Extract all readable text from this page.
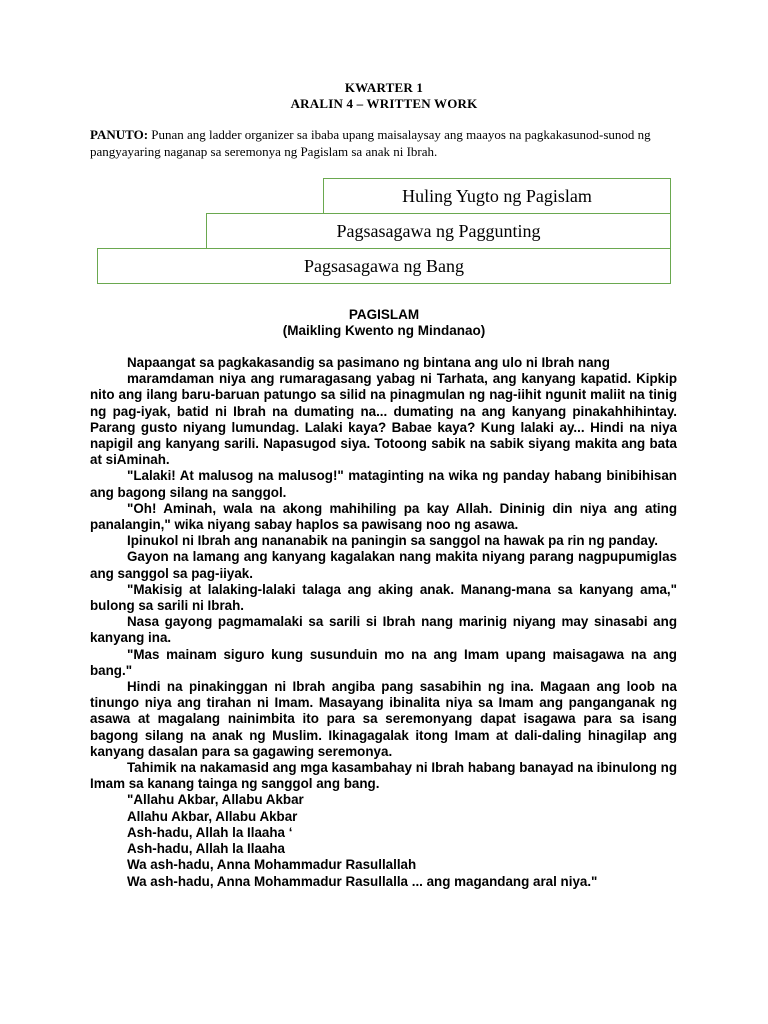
KWARTER 1
ARALIN 4 – WRITTEN WORK
PANUTO: Punan ang ladder organizer sa ibaba upang maisalaysay ang maayos na pagkakasunod-sunod ng pangyayaring naganap sa seremonya ng Pagislam sa anak ni Ibrah.
Huling Yugto ng Pagislam
Pagsasagawa ng Paggunting
Pagsasagawa ng Bang
PAGISLAM
(Maikling Kwento ng Mindanao)

Napaangat sa pagkakasandig sa pasimano ng bintana ang ulo ni Ibrah nang

maramdaman niya ang rumaragasang yabag ni Tarhata, ang kanyang kapatid. Kipkip nito ang ilang baru-baruan patungo sa silid na pinagmulan ng nag-iihit ngunit maliit na tinig ng pag-iyak, batid ni Ibrah na dumating na... dumating na ang kanyang pinakahhihintay. Parang gusto niyang lumundag. Lalaki kaya? Babae kaya? Kung lalaki ay... Hindi na niya napigil ang kanyang sarili. Napasugod siya. Totoong sabik na sabik siyang makita ang bata at siAminah.

"Lalaki! At malusog na malusog!" mataginting na wika ng panday habang binibihisan ang bagong silang na sanggol.

"Oh! Aminah, wala na akong mahihiling pa kay Allah. Dininig din niya ang ating panalangin," wika niyang sabay haplos sa pawisang noo ng asawa.

Ipinukol ni Ibrah ang nananabik na paningin sa sanggol na hawak pa rin ng panday.

Gayon na lamang ang kanyang kagalakan nang makita niyang parang nagpupumiglas ang sanggol sa pag-iiyak.

"Makisig at lalaking-lalaki talaga ang aking anak. Manang-mana sa kanyang ama," bulong sa sarili ni Ibrah.

Nasa gayong pagmamalaki sa sarili si Ibrah nang marinig niyang may sinasabi ang kanyang ina.

"Mas mainam siguro kung susunduin mo na ang Imam upang maisagawa na ang bang."

Hindi na pinakinggan ni Ibrah angiba pang sasabihin ng ina. Magaan ang loob na tinungo niya ang tirahan ni Imam. Masayang ibinalita niya sa Imam ang panganganak ng asawa at magalang nainimbita ito para sa seremonyang dapat isagawa para sa isang bagong silang na anak ng Muslim. Ikinagagalak itong Imam at dali-daling hinagilap ang kanyang dasalan para sa gagawing seremonya.

Tahimik na nakamasid ang mga kasambahay ni Ibrah habang banayad na ibinulong ng Imam sa kanang tainga ng sanggol ang bang.

"Allahu Akbar, Allabu Akbar

Allahu Akbar, Allabu Akbar

Ash-hadu, Allah la Ilaaha ‘

Ash-hadu, Allah la Ilaaha

Wa ash-hadu, Anna Mohammadur Rasullallah

Wa ash-hadu, Anna Mohammadur Rasullalla ... ang magandang aral niya."
